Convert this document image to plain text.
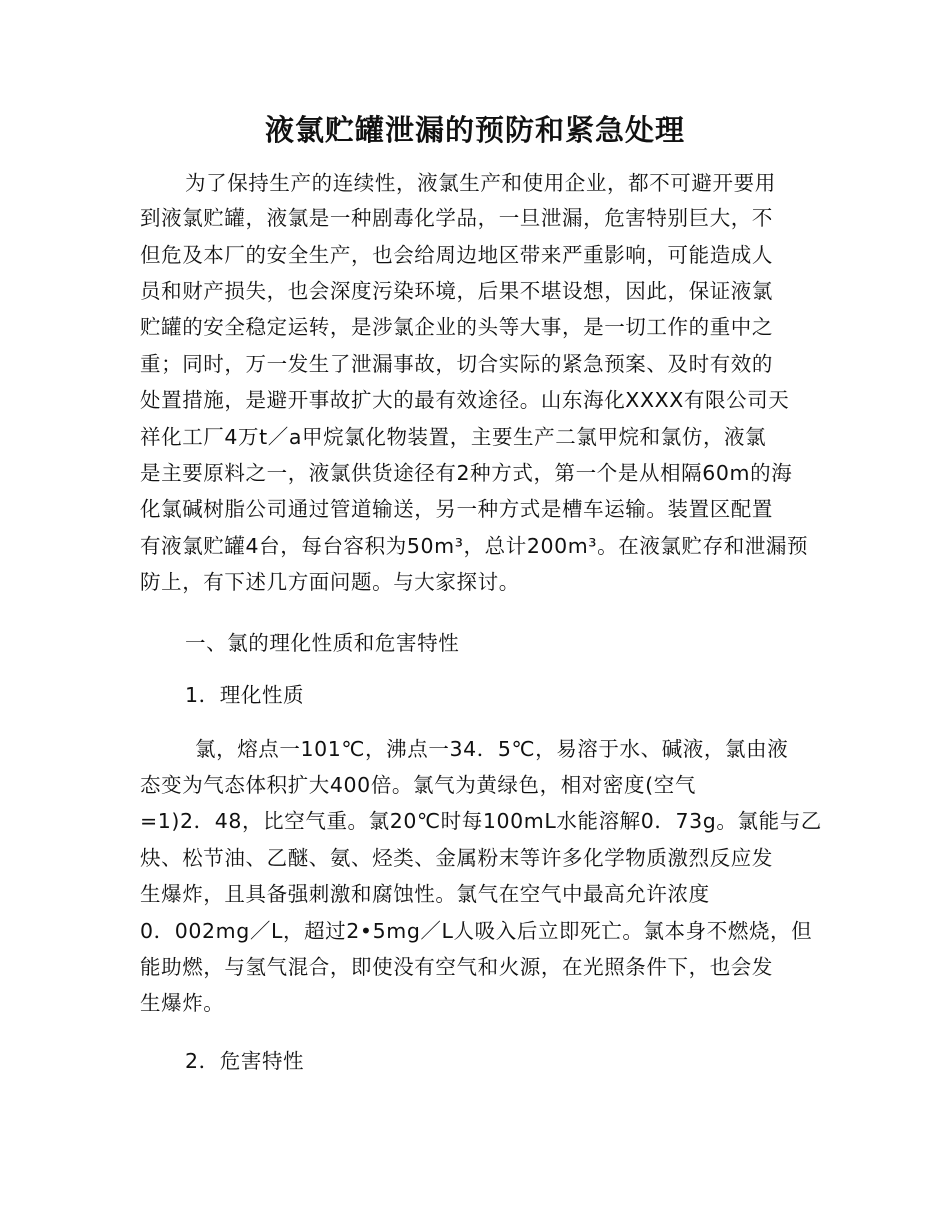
液氯贮罐泄漏的预防和紧急处理
为了保持生产的连续性，液氯生产和使用企业，都不可避开要用
到液氯贮罐，液氯是一种剧毒化学品，一旦泄漏，危害特别巨大，不
但危及本厂的安全生产，也会给周边地区带来严重影响，可能造成人
员和财产损失，也会深度污染环境，后果不堪设想，因此，保证液氯
贮罐的安全稳定运转，是涉氯企业的头等大事，是一切工作的重中之
重；同时，万一发生了泄漏事故，切合实际的紧急预案、及时有效的
处置措施，是避开事故扩大的最有效途径。山东海化XXXX有限公司天
祥化工厂4万t／a甲烷氯化物装置，主要生产二氯甲烷和氯仿，液氯
是主要原料之一，液氯供货途径有2种方式，第一个是从相隔60m的海
化氯碱树脂公司通过管道输送，另一种方式是槽车运输。装置区配置
有液氯贮罐4台，每台容积为50m³，总计200m³。在液氯贮存和泄漏预
防上，有下述几方面问题。与大家探讨。
一、氯的理化性质和危害特性
1．理化性质
氯，熔点一101℃，沸点一34．5℃，易溶于水、碱液，氯由液
态变为气态体积扩大400倍。氯气为黄绿色，相对密度(空气
=1)2．48，比空气重。氯20℃时每100mL水能溶解0．73g。氯能与乙
炔、松节油、乙醚、氨、烃类、金属粉末等许多化学物质激烈反应发
生爆炸，且具备强刺激和腐蚀性。氯气在空气中最高允许浓度
0．002mg／L，超过2•5mg／L人吸入后立即死亡。氯本身不燃烧，但
能助燃，与氢气混合，即使没有空气和火源，在光照条件下，也会发
生爆炸。
2．危害特性
